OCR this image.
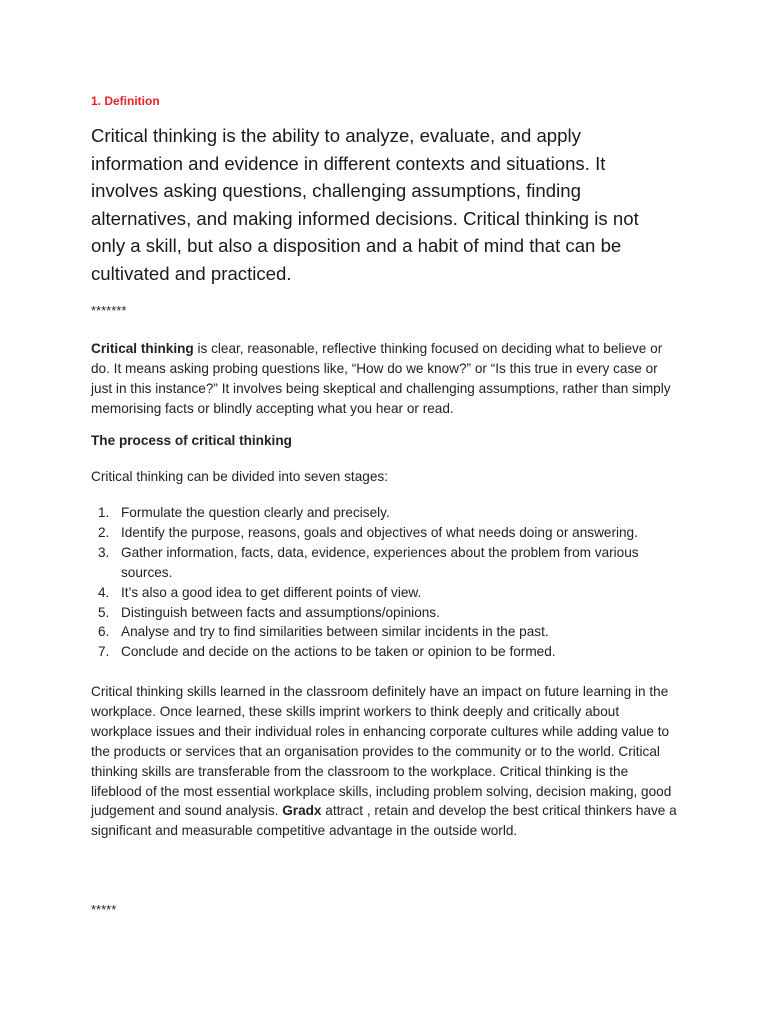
1. Definition
Critical thinking is the ability to analyze, evaluate, and apply information and evidence in different contexts and situations. It involves asking questions, challenging assumptions, finding alternatives, and making informed decisions. Critical thinking is not only a skill, but also a disposition and a habit of mind that can be cultivated and practiced.
*******
Critical thinking is clear, reasonable, reflective thinking focused on deciding what to believe or do. It means asking probing questions like, “How do we know?” or “Is this true in every case or just in this instance?” It involves being skeptical and challenging assumptions, rather than simply memorising facts or blindly accepting what you hear or read.
The process of critical thinking
Critical thinking can be divided into seven stages:
1. Formulate the question clearly and precisely.
2. Identify the purpose, reasons, goals and objectives of what needs doing or answering.
3. Gather information, facts, data, evidence, experiences about the problem from various sources.
4. It’s also a good idea to get different points of view.
5. Distinguish between facts and assumptions/opinions.
6. Analyse and try to find similarities between similar incidents in the past.
7. Conclude and decide on the actions to be taken or opinion to be formed.
Critical thinking skills learned in the classroom definitely have an impact on future learning in the workplace. Once learned, these skills imprint workers to think deeply and critically about workplace issues and their individual roles in enhancing corporate cultures while adding value to the products or services that an organisation provides to the community or to the world. Critical thinking skills are transferable from the classroom to the workplace. Critical thinking is the lifeblood of the most essential workplace skills, including problem solving, decision making, good judgement and sound analysis. Gradx attract , retain and develop the best critical thinkers have a significant and measurable competitive advantage in the outside world.
*****
